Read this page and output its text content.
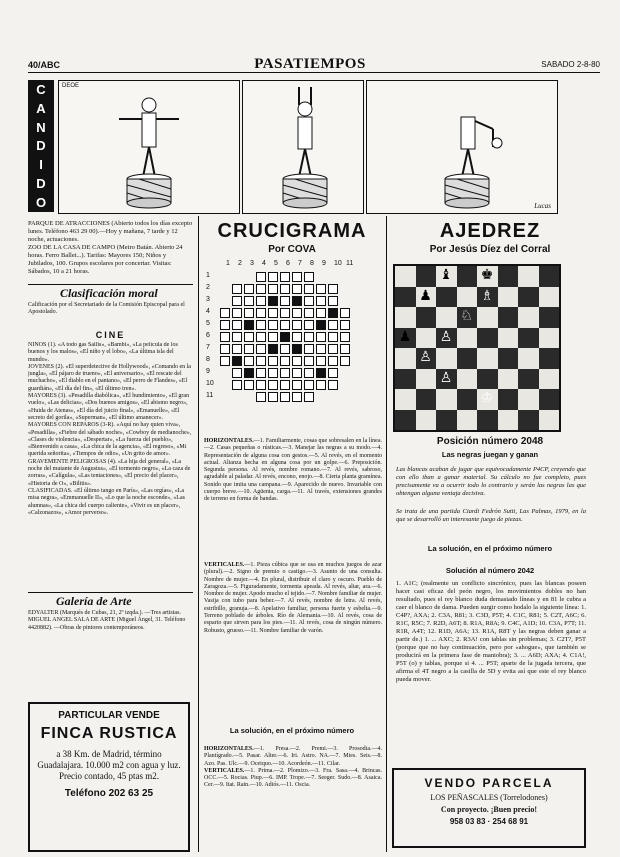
40/ABC	PASATIEMPOS	SABADO 2-8-80
C
A
N
D
I
D
O
DEOE
Lucas

PARQUE DE ATRACCIONES (Abierto todos los días excepto lunes. Teléfono 463 29 00).—Hoy y mañana, 7 tarde y 12 noche, actuaciones.

ZOO DE LA CASA DE CAMPO (Metro Batán. Abierto 24 horas. Ferro Ballet...). Tarifas: Mayores 150; Niños y Jubilados, 100. Grupos escolares por concertar. Visitas: Sábados, 10 a 21 horas.

Clasificación moral
Calificación por el Secretariado de la Comisión Episcopal para el Apostolado.
CINE

NIÑOS (1). «A todo gas Sallis», «Bambi», «La película de los buenos y los malos», «El niño y el lobo», «La última isla del mundo».

JOVENES (2). «El superdetective de Hollywood», «Comando en la jungla», «El pájaro de trueno», «El aniversario», «El rescate del muchacho», «El diablo en el pantano», «El perro de Flandes», «El guardián», «El día del fin», «El último tren».

MAYORES (3). «Pesadilla diabólica», «El hundimiento», «El gran vuelo», «Las delicias», «Dos buenos amigos», «El abismo negro», «Huida de Atenas», «El día del juicio final», «Emanuelle», «El secreto del gorila», «Superman», «El último amanecer».

MAYORES CON REPAROS (3-R). «Aquí no hay quien viva», «Pesadilla», «Fiebre del sábado noche», «Cowboy de medianoche», «Clases de violencia», «Despertar», «La fuerza del pueblo», «Bienvenido a casa», «La chica de la agencia», «El regreso», «Mi querida señorita», «Tiempos de odio», «Un grito de amor».

GRAVEMENTE PELIGROSAS (4). «La hija del general», «La noche del mutante de Augustus», «El tormento negro», «La caza de zorras», «Calígula», «Las tentaciones», «El precio del placer», «Historia de O», «Bilitis».

CLASIFICADAS. «El último tango en París», «Las orgías», «La misa negra», «Emmanuelle II», «Lo que la noche esconde», «Las alumnas», «La chica del cuerpo caliente», «Vivir es un placer», «Calzonazos», «Amor perverso».

Galería de Arte

EDYALTER (Marqués de Cubas, 21, 2º izqda.). —Tres artistas.

MIGUEL ANGEL SALA DE ARTE (Miguel Ángel, 31. Teléfono 4420882). —Obras de pintores contemporáneos.

PARTICULAR VENDE
FINCA RUSTICA
a 38 Km. de Madrid, término Guadalajara. 10.000 m2 con agua y luz. Precio contado, 45 ptas m2.
Teléfono 202 63 25
CRUCIGRAMA
Por COVA
1 2 3 4 5 6 7 8 9 10 11
1
2
3
4
5
6
7
8
9
10
11
HORIZONTALES.—1. Familiarmente, cosas que sobresalen en la línea.—2. Casas pequeñas o rústicas.—3. Manejar las negras a su modo.—4. Representación de alguna cosa con gestos.—5. Al revés, en el momento actual. Alianza hecha en alguna cosa por un golpe.—6. Preposición. Segunda persona. Al revés, nombre romano.—7. Al revés, sabroso, agradable al paladar. Al revés, encono, enojo.—8. Cierta planta gramínea. Sonido que imita una campana.—9. Aparecido de nuevo. Invariable con cuerpo breve.—10. Agüenta, carga.—11. Al través, extensiones grandes de terreno en forma de bandas.
VERTICALES.—1. Pieza cúbica que se usa en muchos juegos de azar (plural).—2. Signo de premio o castigo.—3. Asunto de una consulta. Nombre de mujer.—4. En plural, distribuir el claro y oscuro. Pueblo de Zaragoza.—5. Figuradamente, tormenta apeada. Al revés, altar, ara.—6. Nombre de mujer. Apodo mucho el tejido.—7. Nombre familiar de mujer. Vasija con tubo para beber.—7. Al revés, nombre de letra. Al revés, estribillo, granuja.—8. Apelativo familiar, persona fuerte y esbelta.—9. Terreno poblado de árboles. Río de Alemania.—10. Al revés, cosa de esparto que sirven para los pies.—11. Al revés, cosa de ningún número. Robusto, grueso.—11. Nombre familiar de varón.
La solución, en el próximo número
HORIZONTALES.—1. Presa.—2. Premi.—3. Prosodia.—4. Plantígrado.—5. Pasar. Alter.—6. Iri. Astro. NA.—7. Mies. Seis.—8. Azo. Pas. Ulc.—9. Oceiquo.—10. Acordeón.—11. Cilar.
VERTICALES.—1. Prima.—2. Plomizo.—3. Fra. Sasa.—4. Brincas. OCC.—5. Rocias. Piup.—6. IMP. Trope.—7. Seeger. Sudo.—8. Asaica. Cer.—9. Itat. Rain.—10. Adiós.—11. Oscia.
AJEDREZ
Por Jesús Díez del Corral
♝ ♚
♟	♗
♘
♟ ♙
♙
♙
♔
Posición número 2048
Las negras juegan y ganan
Las blancas acaban de jugar que equivocadamente P4CP, creyendo que con ello iban a ganar material. Su cálculo no fue completo, pues precisamente va a ocurrir todo lo contrario y serán las negras las que obtengan alguna ventaja decisiva.
Se trata de una partida Ciardi Fedrón Sutti, Las Palmas, 1979, en la que se desarrolló un interesante juego de piezas.
La solución, en el próximo número
Solución al número 2042
1. A1C; (realmente un conflicto sincrónico, pues las blancas poseen hacer casi eficaz del peón negro, los movimientos dobles no han resultado, pues el rey blanco duda demasiado líneas y en 81 le cubra a caer el blanco de dama. Pueden surgir como hodalo la siguiente línea: 1. C4P?, AXA; 2. C3A, R81; 3. C3D, P5T; 4. C1C, R81; 5. C2T, A6C; 6. R1C, R5C; 7. R2D, A6T; 8. R1A, R8A; 9. C4C, A1D; 10. C3A, P7T; 11. R1R, A4T; 12. R1D, A6A; 13. R1A, R8T y las negras deben ganar a partir de.) 1. ... AXC; 2. R3A! con tablas sin problemas; 3. C2T?, P5T (porque que no hay continuación, pero por «ahogue», que también se producirá en la primera fase de maniobra); 3. ... A6D; AXA; 4. C1A!, P5T (o) y tablas, porque si 4. ... P5T; aparte de la jugada tercera, que afirma el 4T negro a la casilla de 5D y evita así que este el rey blanco pueda mover.
VENDO PARCELA
LOS PEÑASCALES (Torrelodones)
Con proyecto. ¡Buen precio!
958 03 83 · 254 68 91
